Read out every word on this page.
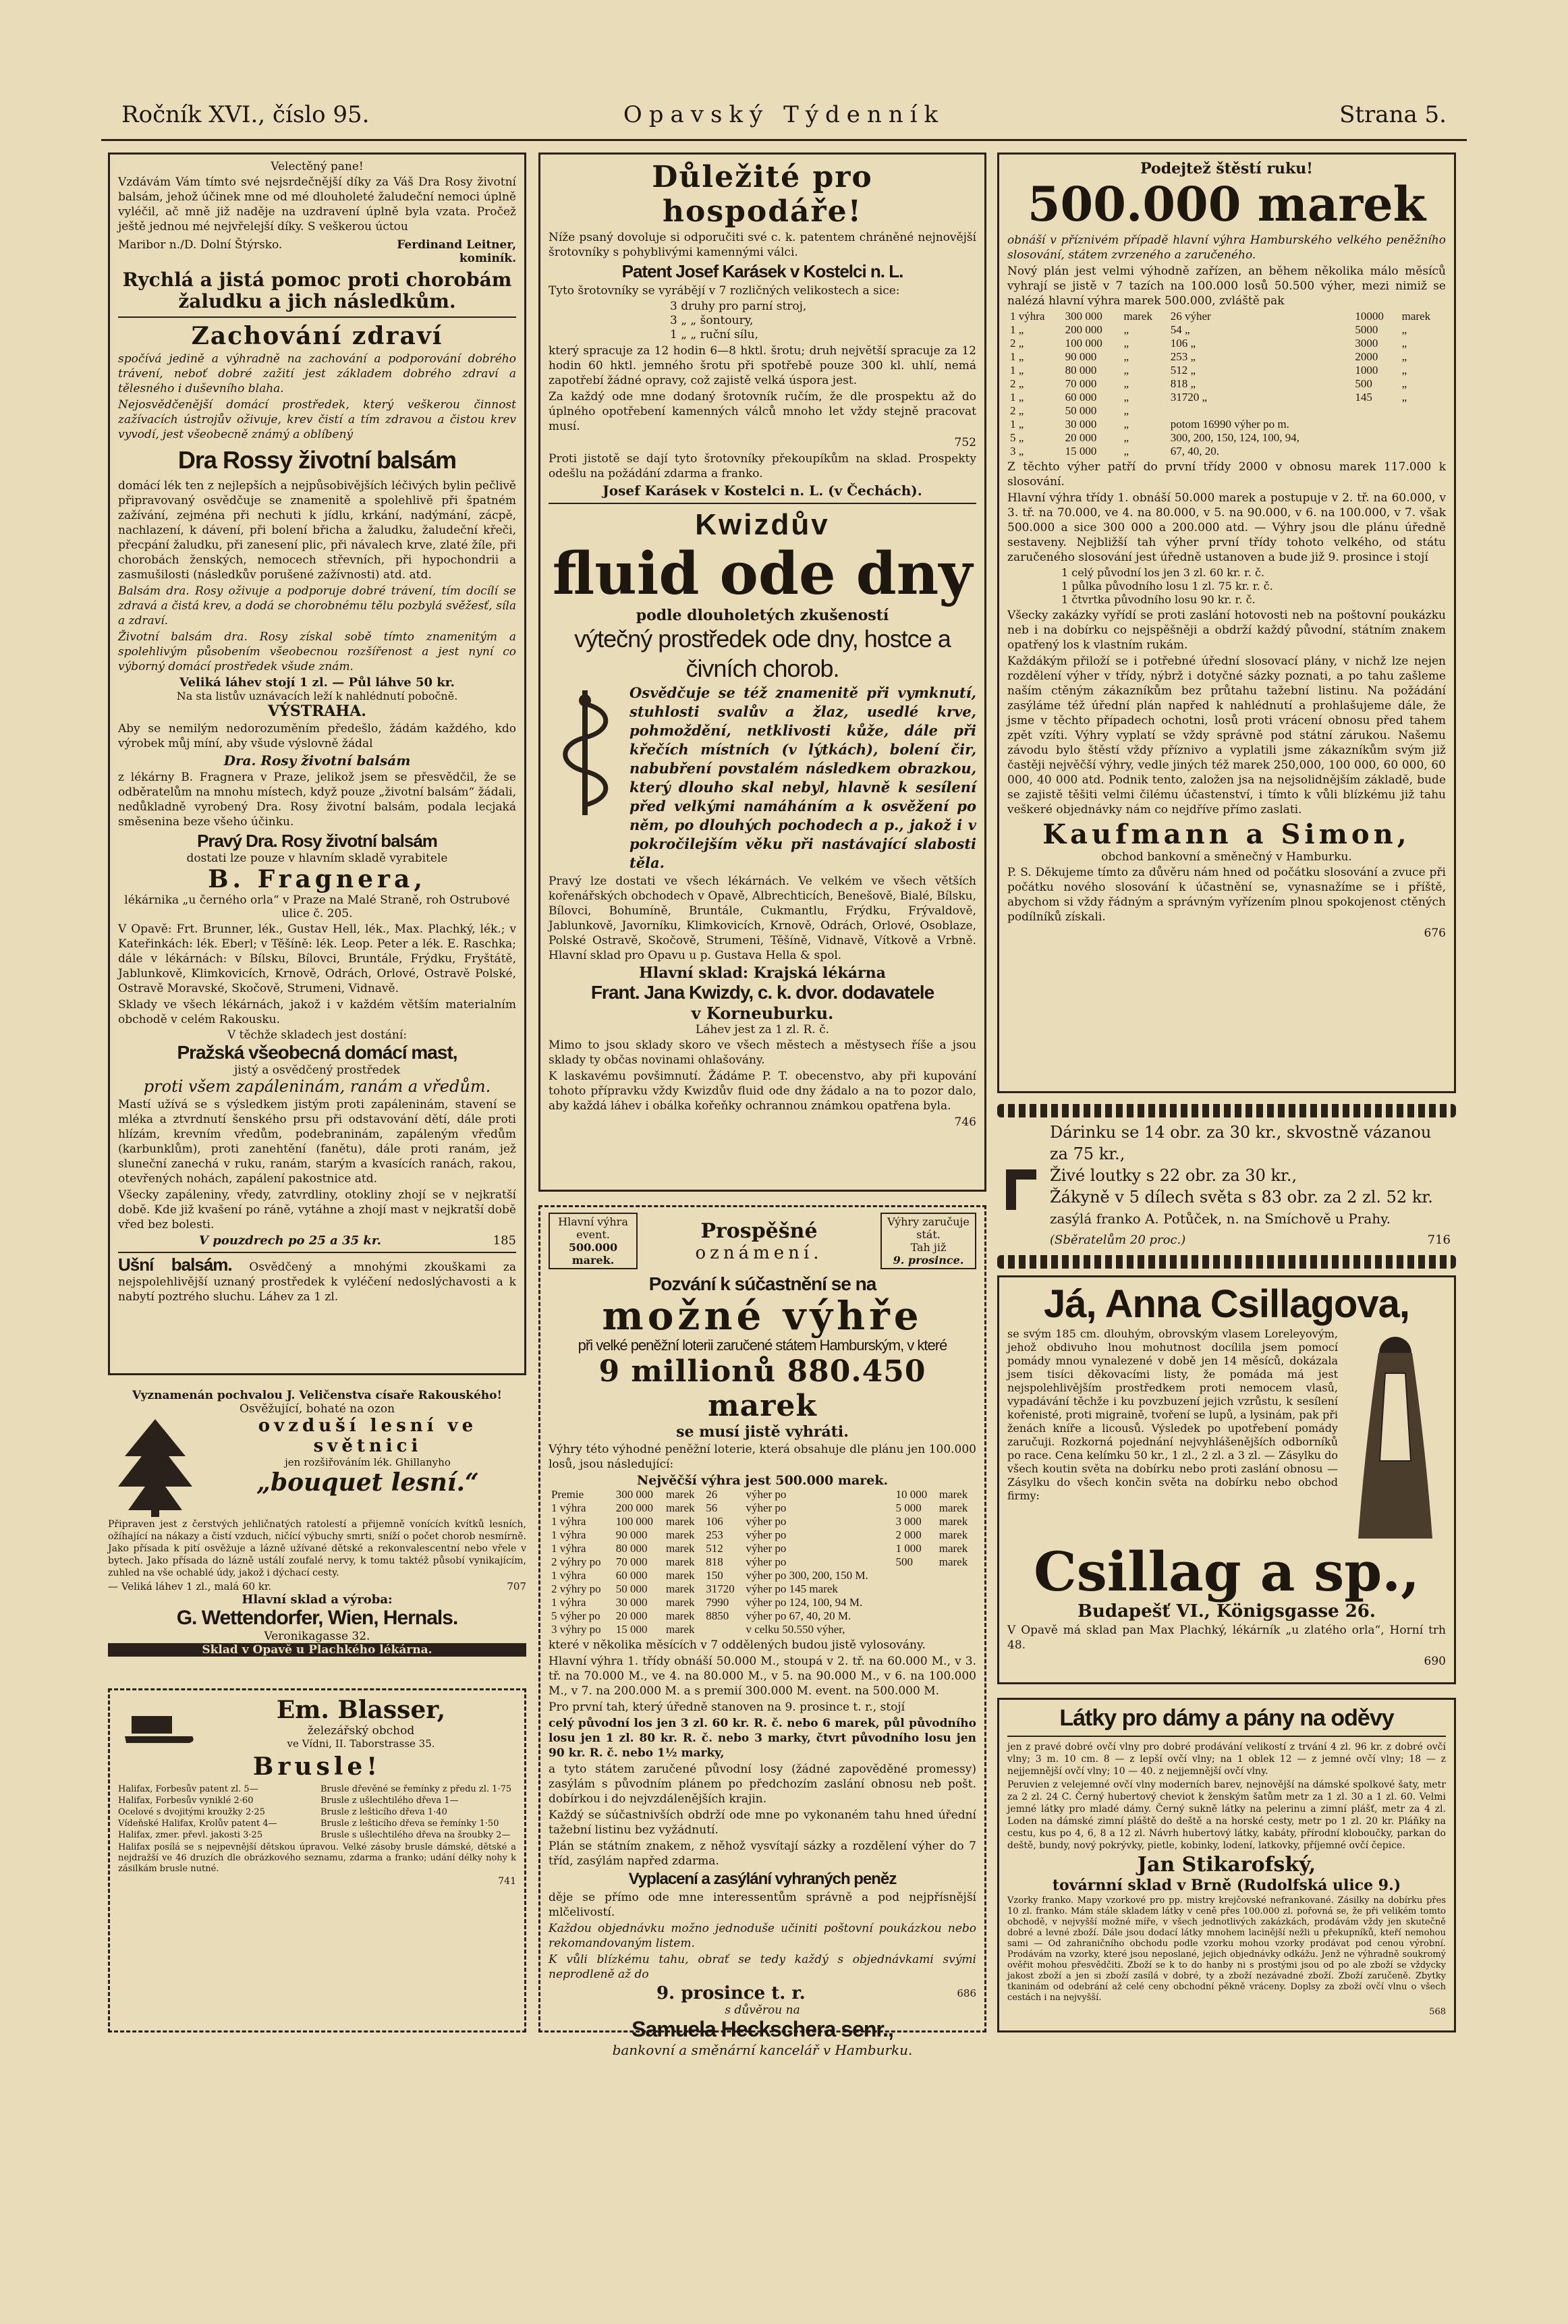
Ročník XVI., číslo 95.	Opavský Týdenník	Strana 5.

Velectěný pane!

Vzdávám Vám tímto své nejsrdečnější díky za Váš Dra Rosy životní balsám, jehož účinek mne od mé dlouholeté žaludeční nemoci úplně vyléčil, ač mně již naděje na uzdravení úplně byla vzata. Pročež ještě jednou mé nejvřelejší díky. S veškerou úctou

Maribor n./D. Dolní Štýrsko.	Ferdinand Leitner, kominík.

Rychlá a jistá pomoc proti chorobám žaludku a jich následkům.

Zachování zdraví

spočívá jedině a výhradně na zachování a podporování dobrého trávení, neboť dobré zažití jest základem dobrého zdraví a tělesného i duševního blaha.

Nejosvědčenější domácí prostředek, který veškerou činnost zažívacích ústrojův oživuje, krev čistí a tím zdravou a čistou krev vyvodí, jest všeobecně známý a oblíbený

Dra Rossy životní balsám

domácí lék ten z nejlepších a nejpůsobivějších léčivých bylin pečlivě připravovaný osvědčuje se znamenitě a spolehlivě při špatném zažívání, zejména při nechuti k jídlu, krkání, nadýmání, zácpě, nachlazení, k dávení, při bolení břicha a žaludku, žaludeční křeči, přecpání žaludku, při zanesení plic, při návalech krve, zlaté žíle, při chorobách ženských, nemocech střevních, při hypochondrii a zasmušilosti (následkův porušené zažívnosti) atd. atd.

Balsám dra. Rosy oživuje a podporuje dobré trávení, tím docílí se zdravá a čistá krev, a dodá se chorobnému tělu pozbylá svěžesť, síla a zdraví.

Životní balsám dra. Rosy získal sobě tímto znamenitým a spolehlivým působením všeobecnou rozšířenost a jest nyní co výborný domácí prostředek všude znám.

Veliká láhev stojí 1 zl. — Půl láhve 50 kr.

Na sta listův uznávacích leží k nahlédnutí pobočně.

VÝSTRAHA.

Aby se nemilým nedorozuměním předešlo, žádám každého, kdo výrobek můj míní, aby všude výslovně žádal

Dra. Rosy životní balsám

z lékárny B. Fragnera v Praze, jelikož jsem se přesvědčil, že se odběratelům na mnohu místech, když pouze „životní balsám“ žádali, nedůkladně vyrobený Dra. Rosy životní balsám, podala lecjaká směsenina beze všeho účinku.

Pravý Dra. Rosy životní balsám

dostati lze pouze v hlavním skladě vyrabitele

B. Fragnera,

lékárnika „u černého orla“ v Praze na Malé Straně, roh Ostrubové ulice č. 205.

V Opavě: Frt. Brunner, lék., Gustav Hell, lék., Max. Plachký, lék.; v Kateřinkách: lék. Eberl; v Těšíně: lék. Leop. Peter a lék. E. Raschka; dále v lékárnách: v Bílsku, Bílovci, Bruntále, Frýdku, Fryštátě, Jablunkově, Klimkovicích, Krnově, Odrách, Orlové, Ostravě Polské, Ostravě Moravské, Skočově, Strumeni, Vidnavě.

Sklady ve všech lékárnách, jakož i v každém větším materialním obchodě v celém Rakousku.

V těchže skladech jest dostání:

Pražská všeobecná domácí mast,

jistý a osvědčený prostředek

proti všem zapáleninám, ranám a vředům.

Mastí užívá se s výsledkem jistým proti zapáleninám, stavení se mléka a ztvrdnutí šenského prsu při odstavování dětí, dále proti hlízám, krevním vředům, podebraninám, zapáleným vředům (karbunklům), proti zanehtění (fanětu), dále proti ranám, jež sluneční zanechá v ruku, ranám, starým a kvasících ranách, rakou, otevřených nohách, zapálení pakostnice atd.

Všecky zapáleniny, vředy, zatvrdliny, otokliny zhojí se v nejkratší době. Kde již kvašení po ráně, vytáhne a zhojí mast v nejkratší době vřed bez bolesti.

V pouzdrech po 25 a 35 kr.	185

Ušní balsám. Osvědčený a mnohými zkouškami za nejspolehlivější uznaný prostředek k vyléčení nedoslýchavosti a k nabytí poztrého sluchu. Láhev za 1 zl.

Vyznamenán pochvalou J. Veličenstva císaře Rakouského!

Osvěžující, bohaté na ozon

ovzduší lesní ve světnici

jen rozšiřováním lék. Ghillanyho

„bouquet lesní.“

Připraven jest z čerstvých jehličnatých ratolestí a přijemně vonících kvítků lesních, ožíhající na nákazy a čistí vzduch, ničící výbuchy smrti, sníží o počet chorob nesmírně. Jako přísada k pití osvěžuje a lázně užívané dětské a rekonvalescentní nebo vřele v bytech. Jako přísada do lázně ustálí zoufalé nervy, k tomu taktéž působí vynikajícím, zuhled na vše ochablé údy, jakož i dýchací cesty.

— Veliká láhev 1 zl., malá 60 kr.	707

Hlavní sklad a výroba:

G. Wettendorfer, Wien, Hernals.

Veronikagasse 32.

Sklad v Opavě u Plachkého lékárna.

Em. Blasser,

železářský obchod

ve Vídni, II. Taborstrasse 35.

Brusle!

Halifax, Forbesův patent zl. 5—	Brusle dřevěné se řemínky z předu zl. 1·75
Halifax, Forbesův vyniklé 2·60	Brusle z ušlechtilého dřeva 1—
Ocelové s dvojitými kroužky 2·25	Brusle z lešticího dřeva 1·40
Vídeňské Halifax, Krolův patent 4—	Brusle z lešticího dřeva se řemínky 1·50
Halifax, zmer. převl. jakosti 3·25	Brusle s ušlechtilého dřeva na šroubky 2—

Halifax posílá se s nejpevnější dětskou úpravou. Velké zásoby brusle dámské, dětské a nejdražší ve 46 druzích dle obrázkového seznamu, zdarma a franko; udání délky nohy k zásilkám brusle nutné.

741

Důležité pro hospodáře!

Níže psaný dovoluje si odporučiti své c. k. patentem chráněné nejnovější šrotovníky s pohyblivými kamennými válci.

Patent Josef Karásek v Kostelci n. L.

Tyto šrotovníky se vyrábějí v 7 rozličných velikostech a sice:

3 druhy pro parní stroj,
3 „ „ šontoury,
1 „ „ ruční sílu,

který spracuje za 12 hodin 6—8 hktl. šrotu; druh největší spracuje za 12 hodin 60 hktl. jemného šrotu při spotřebě pouze 300 kl. uhlí, nemá zapotřebí žádné opravy, což zajistě velká úspora jest.

Za každý ode mne dodaný šrotovník ručím, že dle prospektu až do úplného opotřebení kamenných válců mnoho let vždy stejně pracovat musí.

752

Proti jistotě se dají tyto šrotovníky překoupíkům na sklad. Prospekty odešlu na požádání zdarma a franko.

Josef Karásek v Kostelci n. L. (v Čechách).

Kwizdův

fluid ode dny

podle dlouholetých zkušeností

výtečný prostředek ode dny, hostce a čivních chorob.

Osvědčuje se též znamenitě při vymknutí, stuhlosti svalův a žlaz, usedlé krve, pohmoždění, netklivosti kůže, dále při křečích místních (v lýtkách), bolení čir, nabubření povstalém následkem obrazkou, který dlouho skal nebyl, hlavně k sesílení před velkými namáháním a k osvěžení po něm, po dlouhých pochodech a p., jakož i v pokročilejším věku při nastávající slabosti těla.

Pravý lze dostati ve všech lékárnách. Ve velkém ve všech větších kořenářských obchodech v Opavě, Albrechticích, Benešově, Bialé, Bílsku, Bílovci, Bohumíně, Bruntále, Cukmantlu, Frýdku, Frývaldově, Jablunkově, Javorníku, Klimkovicích, Krnově, Odrách, Orlové, Osoblaze, Polské Ostravě, Skočově, Strumeni, Těšíně, Vidnavě, Vítkově a Vrbně. Hlavní sklad pro Opavu u p. Gustava Hella & spol.

Hlavní sklad: Krajská lékárna

Frant. Jana Kwizdy, c. k. dvor. dodavatele

v Korneuburku.

Láhev jest za 1 zl. R. č.

Mimo to jsou sklady skoro ve všech městech a městysech říše a jsou sklady ty občas novinami ohlašovány.

K laskavému povšimnutí. Žádáme P. T. obecenstvo, aby při kupování tohoto přípravku vždy Kwizdův fluid ode dny žádalo a na to pozor dalo, aby každá láhev i obálka kořeňky ochrannou známkou opatřena byla.

746

Hlavní výhra event.
500.000 marek.
Prospěšné
oznámení.
Výhry zaručuje stát.
Tah již
9. prosince.

Pozvání k súčastnění se na

možné výhře

při velké peněžní loterii zaručené státem Hamburským, v které

9 millionů 880.450 marek

se musí jistě vyhráti.

Výhry této výhodné peněžní loterie, která obsahuje dle plánu jen 100.000 losů, jsou následující:

Nejvěčší výhra jest 500.000 marek.

Premie	300 000	marek	26	výher po	10 000	marek
1 výhra	200 000	marek	56	výher po	5 000	marek
1 výhra	100 000	marek	106	výher po	3 000	marek
1 výhra	90 000	marek	253	výher po	2 000	marek
1 výhra	80 000	marek	512	výher po	1 000	marek
2 výhry po	70 000	marek	818	výher po	500	marek
1 výhra	60 000	marek	150	výher po 300, 200, 150 M.		
2 výhry po	50 000	marek	31720	výher po 145 marek		
1 výhra	30 000	marek	7990	výher po 124, 100, 94 M.		
5 výher po	20 000	marek	8850	výher po 67, 40, 20 M.		
3 výhry po	15 000	marek		v celku 50.550 výher,		

které v několika měsících v 7 oddělených budou jistě vylosovány.

Hlavní výhra 1. třídy obnáší 50.000 M., stoupá v 2. tř. na 60.000 M., v 3. tř. na 70.000 M., ve 4. na 80.000 M., v 5. na 90.000 M., v 6. na 100.000 M., v 7. na 200.000 M. a s premií 300.000 M. event. na 500.000 M.

Pro první tah, který úředně stanoven na 9. prosince t. r., stojí

celý původní los jen 3 zl. 60 kr. R. č. nebo 6 marek, půl původního losu jen 1 zl. 80 kr. R. č. nebo 3 marky, čtvrt původního losu jen 90 kr. R. č. nebo 1½ marky,

a tyto státem zaručené původní losy (žádné zapověděné promessy) zasýlám s původním plánem po předchozím zaslání obnosu neb pošt. dobírkou i do nejvzdálenějších krajin.

Každý se súčastnivších obdrží ode mne po vykonaném tahu hned úřední tažební listinu bez vyžádnutí.

Plán se státním znakem, z něhož vysvítají sázky a rozdělení výher do 7 tříd, zasýlám napřed zdarma.

Vyplacení a zasýlání vyhraných peněz

děje se přímo ode mne interessentům správně a pod nejpřísnější mlčelivostí.

Každou objednávku možno jednoduše učiniti poštovní poukázkou nebo rekomandovaným listem.

K vůli blízkému tahu, obrať se tedy každý s objednávkami svými neprodleně až do

9. prosince t. r.	686

s důvěrou na

Samuela Heckschera senr.,

bankovní a směnární kancelář v Hamburku.

Podejtež štěstí ruku!

500.000 marek

obnáší v příznivém případě hlavní výhra Hamburského velkého peněžního slosování, státem zvrzeného a zaručeného.

Nový plán jest velmi výhodně zařízen, an během několika málo měsíců vyhrají se jistě v 7 tazích na 100.000 losů 50.500 výher, mezi nimiž se nalézá hlavní výhra marek 500.000, zvláště pak

1 výhra	300 000	marek	26 výher	10000	marek
1 „	200 000	„	54 „	5000	„
2 „	100 000	„	106 „	3000	„
1 „	90 000	„	253 „	2000	„
1 „	80 000	„	512 „	1000	„
2 „	70 000	„	818 „	500	„
1 „	60 000	„	31720 „	145	„
2 „	50 000	„			
1 „	30 000	„	potom 16990 výher po m.		
5 „	20 000	„	300, 200, 150, 124, 100, 94,		
3 „	15 000	„	67, 40, 20.		

Z těchto výher patří do první třídy 2000 v obnosu marek 117.000 k slosování.

Hlavní výhra třídy 1. obnáší 50.000 marek a postupuje v 2. tř. na 60.000, v 3. tř. na 70.000, ve 4. na 80.000, v 5. na 90.000, v 6. na 100.000, v 7. však 500.000 a sice 300 000 a 200.000 atd. — Výhry jsou dle plánu úředně sestaveny. Nejbližší tah výher první třídy tohoto velkého, od státu zaručeného slosování jest úředně ustanoven a bude již 9. prosince i stojí

1 celý původní los jen 3 zl. 60 kr. r. č.
1 půlka původního losu 1 zl. 75 kr. r. č.
1 čtvrtka původního losu 90 kr. r. č.

Všecky zakázky vyřídí se proti zaslání hotovosti neb na poštovní poukázku neb i na dobírku co nejspěšněji a obdrží každý původní, státním znakem opatřený los k vlastním rukám.

Každákým přiloží se i potřebné úřední slosovací plány, v nichž lze nejen rozdělení výher v třídy, nýbrž i dotyčné sázky poznati, a po tahu zašleme naším ctěným zákazníkům bez průtahu tažební listinu. Na požádání zasýláme též úřední plán napřed k nahlédnutí a prohlašujeme dále, že jsme v těchto případech ochotni, losů proti vrácení obnosu před tahem zpět vzíti. Výhry vyplatí se vždy správně pod státní zárukou. Našemu závodu bylo štěstí vždy příznivo a vyplatili jsme zákazníkům svým již častěji nejvěčší výhry, vedle jiných též marek 250,000, 100 000, 60 000, 60 000, 40 000 atd. Podnik tento, založen jsa na nejsolidnějším základě, bude se zajistě těšiti velmi čilému účastenství, i tímto k vůli blízkému již tahu veškeré objednávky nám co nejdříve přímo zaslati.

Kaufmann a Simon,

obchod bankovní a směnečný v Hamburku.

P. S. Děkujeme tímto za důvěru nám hned od počátku slosování a zvuce při počátku nového slosování k účastnění se, vynasnažíme se i příště, abychom si vždy řádným a správným vyřízením plnou spokojenost ctěných podílníků získali.

676

Dárinku se 14 obr. za 30 kr., skvostně vázanou za 75 kr.,
Živé loutky s 22 obr. za 30 kr.,
Žákyně v 5 dílech světa s 83 obr. za 2 zl. 52 kr.
zasýlá franko A. Potůček, n. na Smíchově u Prahy.
(Sběratelům 20 proc.)	716

Já, Anna Csillagova,

se svým 185 cm. dlouhým, obrovským vlasem Loreleyovým, jehož obdivuho lnou mohutnost docílila jsem pomocí pomády mnou vynalezené v době jen 14 měsíců, dokázala jsem tisíci děkovacími listy, že pomáda má jest nejspolehlivějším prostředkem proti nemocem vlasů, vypadávání těchže i ku povzbuzení jejich vzrůstu, k sesílení kořenisté, proti migraině, tvoření se lupů, a lysinám, pak při ženách kníře a licousů. Výsledek po upotřebení pomády zaručuji. Rozkorná pojednání nejvyhlášenějších odborníků po race. Cena kelímku 50 kr., 1 zl., 2 zl. a 3 zl. — Zásylku do všech koutin světa na dobírku nebo proti zaslání obnosu — Zásylku do všech končin světa na dobírku nebo obchod firmy:

Csillag a sp.,

Budapešť VI., Königsgasse 26.

V Opavě má sklad pan Max Plachký, lékárník „u zlatého orla“, Horní trh 48.

690

Látky pro dámy a pány na oděvy

jen z pravé dobré ovčí vlny pro dobré prodávání velikostí z trvání 4 zl. 96 kr. z dobré ovčí vlny; 3 m. 10 cm. 8 — z lepší ovčí vlny; na 1 oblek 12 — z jemné ovčí vlny; 18 — z nejjemnější ovčí vlny; 10 — 40. z nejjemnější ovčí vlny.

Peruvien z velejemné ovčí vlny moderních barev, nejnovější na dámské spolkové šaty, metr za 2 zl. 24 C. Černý hubertový cheviot k ženským šatům metr za 1 zl. 30 a 1 zl. 60. Velmi jemné látky pro mladé dámy. Černý sukně látky na pelerinu a zimní plášť, metr za 4 zl. Loden na dámské zimní pláště do deště a na horské cesty, metr po 1 zl. 20 kr. Pláňky na cestu, kus po 4, 6, 8 a 12 zl. Návrh hubertový látky, kabáty, přírodní kloboučky, parkan do deště, bundy, nový pokrývky, pietle, kobinky, lodení, latkovky, příjemné ovčí čepice.

Jan Stikarofský,

továrnní sklad v Brně (Rudolfská ulice 9.)

Vzorky franko. Mapy vzorkové pro pp. mistry krejčovské nefrankované. Zásilky na dobírku přes 10 zl. franko. Mám stále skladem látky v ceně přes 100.000 zl. pořovná se, že při velikém tomto obchodě, v nejvyšší možné míře, v všech jednotlivých zakázkách, prodávám vždy jen skutečně dobré a levné zboží. Dále jsou dodací látky mnohem lacinější nežli u překupníků, kteří nemohou sami — Od zahraničního obchodu podle vzorku mohou vzorky prodávat pod cenou výrobní. Prodávám na vzorky, které jsou neposlané, jejich objednávky odkážu. Jenž ne výhradně soukromý ověřit mohou přesvědčiti. Zboží se k to do hanby ni s prostými jsou od po ale zboží se vždycky jakost zboží a jen si zboží zasílá v dobré, ty a zboží nezávadné zboží. Zboží zaručeně. Zbytky tkaninám od odebrání až celé ceny obchodní pěkně vráceny. Doplsy za zboží ovčí vlnu o všech cestách i na nejvyšší.

568
